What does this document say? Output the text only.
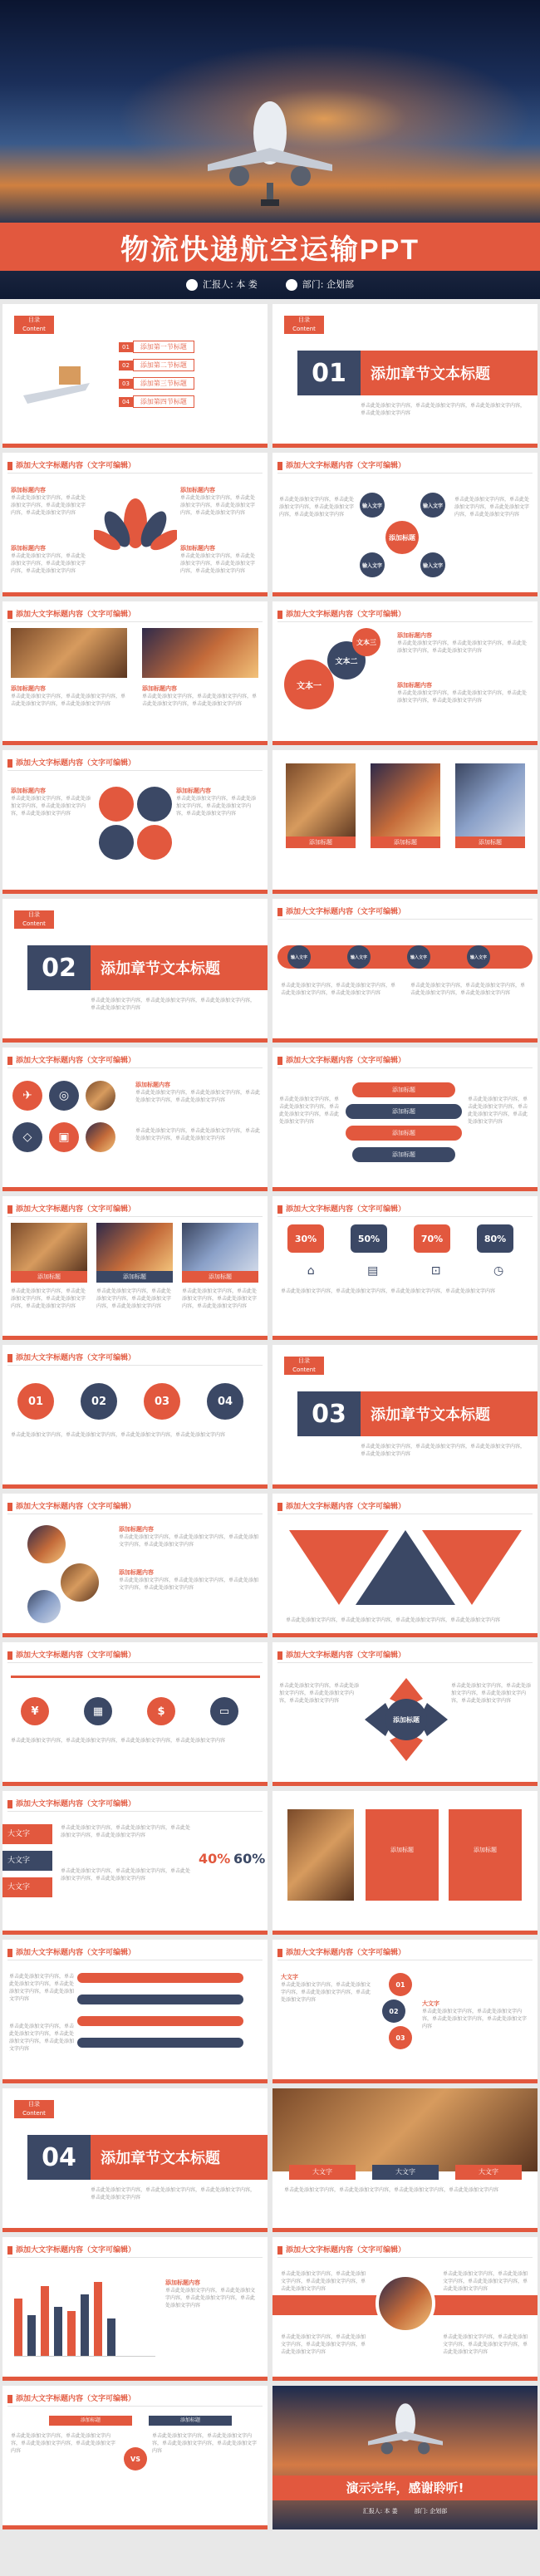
物流快递航空运输PPT
汇报人: 本 娄	部门: 企划部
目录
Content
01	添加第一节标题
02	添加第二节标题
03	添加第三节标题
04	添加第四节标题
目录
Content
01	添加章节文本标题
单击此处添加文字内容，单击此处添加文字内容，单击此处添加文字内容，单击此处添加文字内容
添加大文字标题内容（文字可编辑）
添加标题内容
单击此处添加文字内容，单击此处添加文字内容，单击此处添加文字内容，单击此处添加文字内容
添加标题内容
单击此处添加文字内容，单击此处添加文字内容，单击此处添加文字内容，单击此处添加文字内容
添加标题内容
单击此处添加文字内容，单击此处添加文字内容，单击此处添加文字内容，单击此处添加文字内容
添加标题内容
单击此处添加文字内容，单击此处添加文字内容，单击此处添加文字内容，单击此处添加文字内容
添加大文字标题内容（文字可编辑）
添加标题
输入文字	输入文字
输入文字	输入文字
单击此处添加文字内容，单击此处添加文字内容，单击此处添加文字内容，单击此处添加文字内容
单击此处添加文字内容，单击此处添加文字内容，单击此处添加文字内容，单击此处添加文字内容
添加大文字标题内容（文字可编辑）
添加标题内容
单击此处添加文字内容，单击此处添加文字内容，单击此处添加文字内容，单击此处添加文字内容
添加标题内容
单击此处添加文字内容，单击此处添加文字内容，单击此处添加文字内容，单击此处添加文字内容
添加大文字标题内容（文字可编辑）
文本一
文本二
文本三
添加标题内容
单击此处添加文字内容，单击此处添加文字内容，单击此处添加文字内容，单击此处添加文字内容
添加标题内容
单击此处添加文字内容，单击此处添加文字内容，单击此处添加文字内容，单击此处添加文字内容
添加大文字标题内容（文字可编辑）
添加标题内容
单击此处添加文字内容，单击此处添加文字内容，单击此处添加文字内容，单击此处添加文字内容
添加标题内容
单击此处添加文字内容，单击此处添加文字内容，单击此处添加文字内容，单击此处添加文字内容
添加标题	添加标题	添加标题
目录
Content
02	添加章节文本标题
单击此处添加文字内容，单击此处添加文字内容，单击此处添加文字内容，单击此处添加文字内容
添加大文字标题内容（文字可编辑）
输入文字	输入文字	输入文字	输入文字
单击此处添加文字内容，单击此处添加文字内容，单击此处添加文字内容，单击此处添加文字内容
单击此处添加文字内容，单击此处添加文字内容，单击此处添加文字内容，单击此处添加文字内容
添加大文字标题内容（文字可编辑）
✈	◎
◇	▣
添加标题内容
单击此处添加文字内容，单击此处添加文字内容，单击此处添加文字内容，单击此处添加文字内容
单击此处添加文字内容，单击此处添加文字内容，单击此处添加文字内容，单击此处添加文字内容
添加大文字标题内容（文字可编辑）
添加标题
添加标题
添加标题
添加标题
单击此处添加文字内容，单击此处添加文字内容，单击此处添加文字内容，单击此处添加文字内容
单击此处添加文字内容，单击此处添加文字内容，单击此处添加文字内容，单击此处添加文字内容
添加大文字标题内容（文字可编辑）
添加标题	添加标题	添加标题
单击此处添加文字内容，单击此处添加文字内容，单击此处添加文字内容，单击此处添加文字内容
单击此处添加文字内容，单击此处添加文字内容，单击此处添加文字内容，单击此处添加文字内容
单击此处添加文字内容，单击此处添加文字内容，单击此处添加文字内容，单击此处添加文字内容
添加大文字标题内容（文字可编辑）
30%	50%	70%	80%
⌂	▤	⊡	◷
单击此处添加文字内容，单击此处添加文字内容，单击此处添加文字内容，单击此处添加文字内容
添加大文字标题内容（文字可编辑）
01	02	03	04
单击此处添加文字内容，单击此处添加文字内容，单击此处添加文字内容，单击此处添加文字内容
目录
Content
03	添加章节文本标题
单击此处添加文字内容，单击此处添加文字内容，单击此处添加文字内容，单击此处添加文字内容
添加大文字标题内容（文字可编辑）
添加标题内容
单击此处添加文字内容，单击此处添加文字内容，单击此处添加文字内容，单击此处添加文字内容
添加标题内容
单击此处添加文字内容，单击此处添加文字内容，单击此处添加文字内容，单击此处添加文字内容
添加大文字标题内容（文字可编辑）
单击此处添加文字内容，单击此处添加文字内容，单击此处添加文字内容，单击此处添加文字内容
添加大文字标题内容（文字可编辑）
¥	▦	$	▭
单击此处添加文字内容，单击此处添加文字内容，单击此处添加文字内容，单击此处添加文字内容
添加大文字标题内容（文字可编辑）
添加标题
单击此处添加文字内容，单击此处添加文字内容，单击此处添加文字内容，单击此处添加文字内容
单击此处添加文字内容，单击此处添加文字内容，单击此处添加文字内容，单击此处添加文字内容
添加大文字标题内容（文字可编辑）
大文字
大文字
大文字
单击此处添加文字内容，单击此处添加文字内容，单击此处添加文字内容，单击此处添加文字内容
单击此处添加文字内容，单击此处添加文字内容，单击此处添加文字内容，单击此处添加文字内容
40% 60%
添加标题	添加标题
添加大文字标题内容（文字可编辑）
单击此处添加文字内容，单击此处添加文字内容，单击此处添加文字内容，单击此处添加文字内容
单击此处添加文字内容，单击此处添加文字内容，单击此处添加文字内容，单击此处添加文字内容
添加大文字标题内容（文字可编辑）
01
02
03
大文字
单击此处添加文字内容，单击此处添加文字内容，单击此处添加文字内容，单击此处添加文字内容
大文字
单击此处添加文字内容，单击此处添加文字内容，单击此处添加文字内容，单击此处添加文字内容
目录
Content
04	添加章节文本标题
单击此处添加文字内容，单击此处添加文字内容，单击此处添加文字内容，单击此处添加文字内容
大文字	大文字	大文字
单击此处添加文字内容，单击此处添加文字内容，单击此处添加文字内容，单击此处添加文字内容
添加大文字标题内容（文字可编辑）
添加标题内容
单击此处添加文字内容，单击此处添加文字内容，单击此处添加文字内容，单击此处添加文字内容
添加大文字标题内容（文字可编辑）
单击此处添加文字内容，单击此处添加文字内容，单击此处添加文字内容，单击此处添加文字内容
单击此处添加文字内容，单击此处添加文字内容，单击此处添加文字内容，单击此处添加文字内容
单击此处添加文字内容，单击此处添加文字内容，单击此处添加文字内容，单击此处添加文字内容
单击此处添加文字内容，单击此处添加文字内容，单击此处添加文字内容，单击此处添加文字内容
添加大文字标题内容（文字可编辑）
添加标题	添加标题
VS
单击此处添加文字内容，单击此处添加文字内容，单击此处添加文字内容，单击此处添加文字内容
单击此处添加文字内容，单击此处添加文字内容，单击此处添加文字内容，单击此处添加文字内容
演示完毕，感谢聆听!
汇报人: 本 娄	部门: 企划部
